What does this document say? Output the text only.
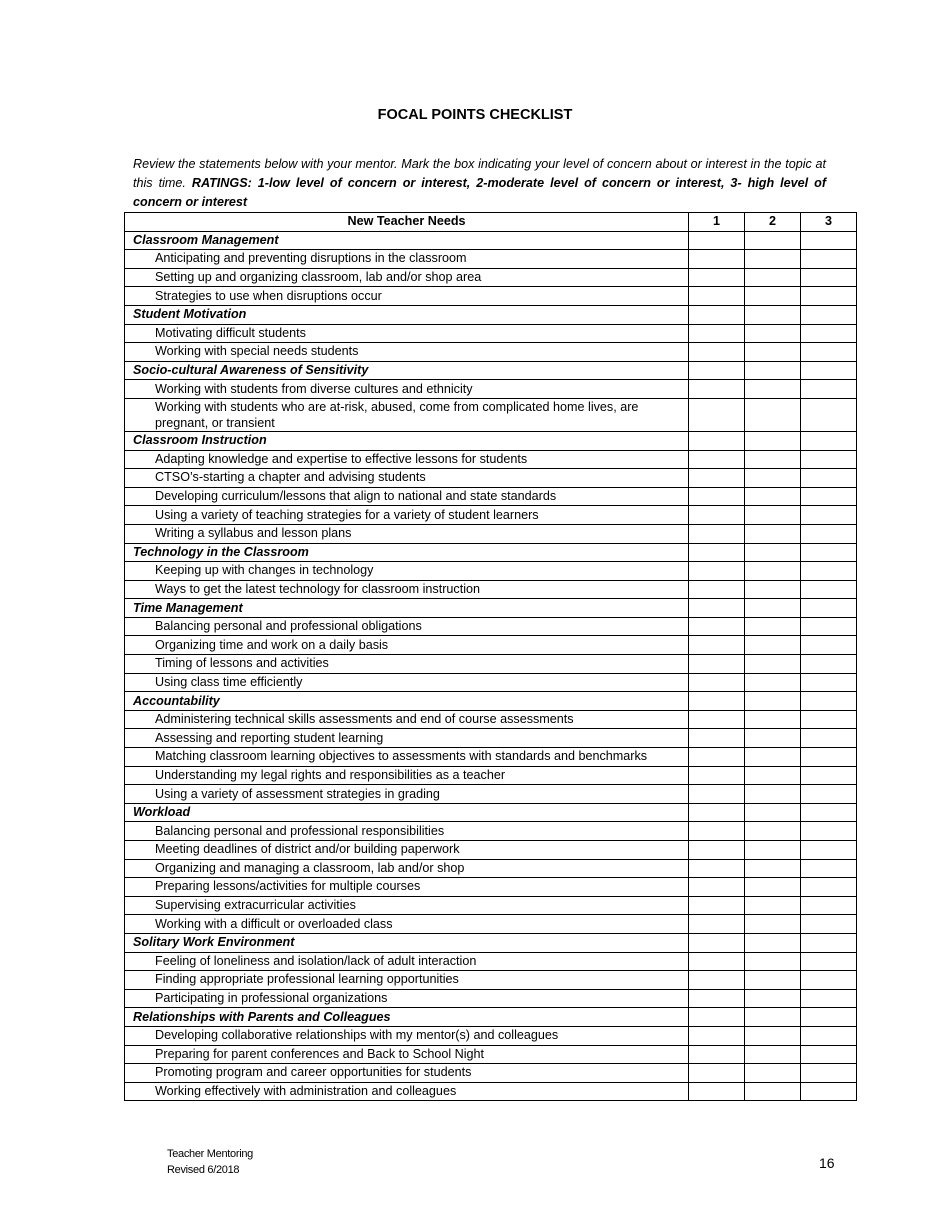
FOCAL POINTS CHECKLIST
Review the statements below with your mentor. Mark the box indicating your level of concern about or interest in the topic at this time. RATINGS: 1-low level of concern or interest, 2-moderate level of concern or interest, 3- high level of concern or interest
New Teacher Needs	1	2	3
Classroom Management			
Anticipating and preventing disruptions in the classroom			
Setting up and organizing classroom, lab and/or shop area			
Strategies to use when disruptions occur			
Student Motivation			
Motivating difficult students			
Working with special needs students			
Socio-cultural Awareness of Sensitivity			
Working with students from diverse cultures and ethnicity			
Working with students who are at-risk, abused, come from complicated home lives, are pregnant, or transient			
Classroom Instruction			
Adapting knowledge and expertise to effective lessons for students			
CTSO’s-starting a chapter and advising students			
Developing curriculum/lessons that align to national and state standards			
Using a variety of teaching strategies for a variety of student learners			
Writing a syllabus and lesson plans			
Technology in the Classroom			
Keeping up with changes in technology			
Ways to get the latest technology for classroom instruction			
Time Management			
Balancing personal and professional obligations			
Organizing time and work on a daily basis			
Timing of lessons and activities			
Using class time efficiently			
Accountability			
Administering technical skills assessments and end of course assessments			
Assessing and reporting student learning			
Matching classroom learning objectives to assessments with standards and benchmarks			
Understanding my legal rights and responsibilities as a teacher			
Using a variety of assessment strategies in grading			
Workload			
Balancing personal and professional responsibilities			
Meeting deadlines of district and/or building paperwork			
Organizing and managing a classroom, lab and/or shop			
Preparing lessons/activities for multiple courses			
Supervising extracurricular activities			
Working with a difficult or overloaded class			
Solitary Work Environment			
Feeling of loneliness and isolation/lack of adult interaction			
Finding appropriate professional learning opportunities			
Participating in professional organizations			
Relationships with Parents and Colleagues			
Developing collaborative relationships with my mentor(s) and colleagues			
Preparing for parent conferences and Back to School Night			
Promoting program and career opportunities for students			
Working effectively with administration and colleagues			
Teacher Mentoring
Revised 6/2018	16
